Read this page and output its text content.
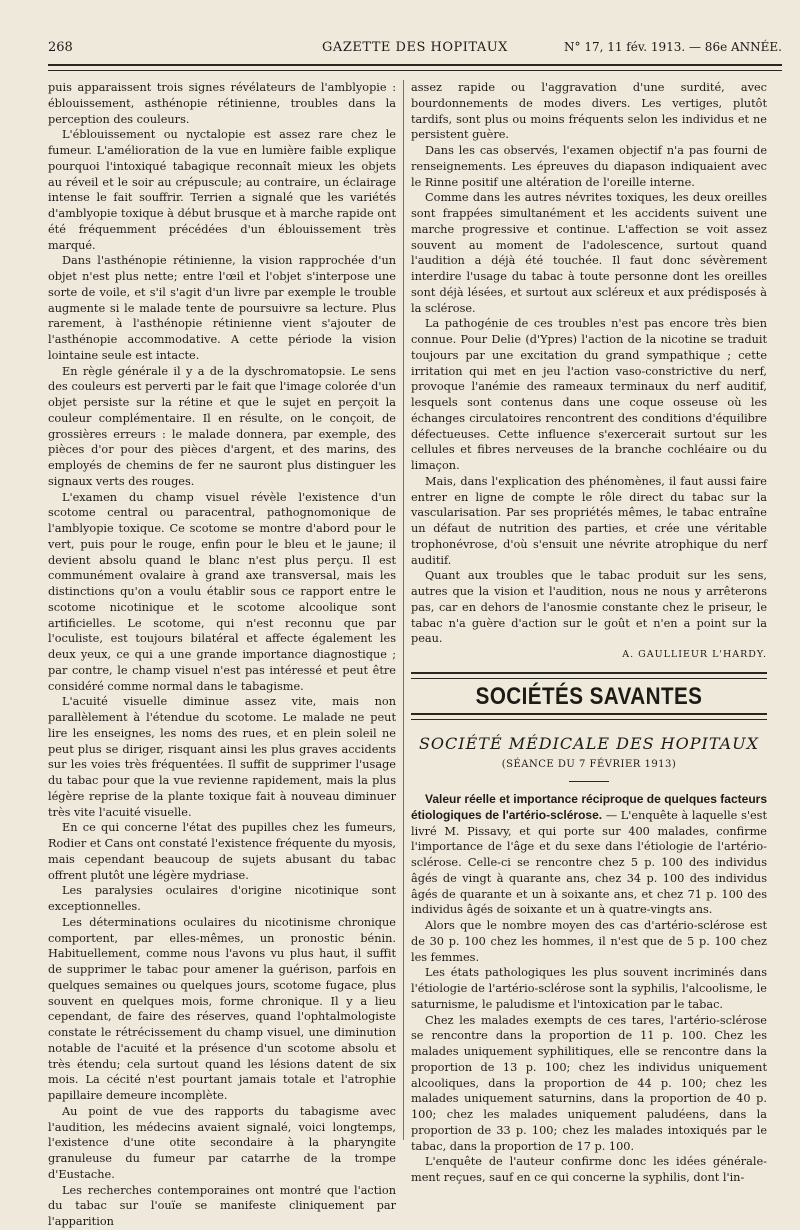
268	GAZETTE DES HOPITAUX	N° 17, 11 fév. 1913. — 86e ANNÉE.

puis apparaissent trois signes révélateurs de l'amblyopie : éblouissement, asthénopie rétinienne, troubles dans la perception des couleurs.

L'éblouissement ou nyctalopie est assez rare chez le fumeur. L'amélioration de la vue en lumière faible explique pourquoi l'intoxiqué tabagique reconnaît mieux les objets au réveil et le soir au crépuscule; au contraire, un éclairage intense le fait souffrir. Terrien a signalé que les variétés d'amblyopie toxique à début brusque et à marche rapide ont été fréquemment précédées d'un éblouissement très marqué.

Dans l'asthénopie rétinienne, la vision rapprochée d'un objet n'est plus nette; entre l'œil et l'objet s'interpose une sorte de voile, et s'il s'agit d'un livre par exemple le trouble augmente si le malade tente de poursuivre sa lecture. Plus rarement, à l'asthénopie rétinienne vient s'ajouter de l'asthénopie accommodative. A cette période la vision lointaine seule est intacte.

En règle générale il y a de la dyschromatopsie. Le sens des couleurs est perverti par le fait que l'image colorée d'un objet persiste sur la rétine et que le sujet en perçoit la couleur complémentaire. Il en résulte, on le conçoit, de grossières erreurs : le malade donnera, par exemple, des pièces d'or pour des pièces d'argent, et des marins, des employés de chemins de fer ne sauront plus distinguer les signaux verts des rouges.

L'examen du champ visuel révèle l'existence d'un scotome central ou paracentral, pathognomonique de l'amblyopie toxique. Ce scotome se montre d'abord pour le vert, puis pour le rouge, enfin pour le bleu et le jaune; il devient absolu quand le blanc n'est plus perçu. Il est communément ovalaire à grand axe transversal, mais les distinctions qu'on a voulu établir sous ce rapport entre le scotome nicotinique et le scotome alcoolique sont artificielles. Le scotome, qui n'est reconnu que par l'oculiste, est toujours bilatéral et affecte également les deux yeux, ce qui a une grande importance diagnostique ; par contre, le champ visuel n'est pas intéressé et peut être considéré comme normal dans le tabagisme.

L'acuité visuelle diminue assez vite, mais non parallèlement à l'étendue du scotome. Le malade ne peut lire les enseignes, les noms des rues, et en plein soleil ne peut plus se diriger, risquant ainsi les plus graves accidents sur les voies très fréquentées. Il suffit de supprimer l'usage du tabac pour que la vue revienne rapidement, mais la plus légère reprise de la plante toxique fait à nouveau diminuer très vite l'acuité visuelle.

En ce qui concerne l'état des pupilles chez les fumeurs, Rodier et Cans ont constaté l'existence fréquente du myosis, mais cependant beaucoup de sujets abusant du tabac offrent plutôt une légère mydriase.

Les paralysies oculaires d'origine nicotinique sont exceptionnelles.

Les déterminations oculaires du nicotinisme chronique comportent, par elles-mêmes, un pronostic bénin. Habituellement, comme nous l'avons vu plus haut, il suffit de supprimer le tabac pour amener la guérison, parfois en quelques semaines ou quelques jours, scotome fugace, plus souvent en quelques mois, forme chronique. Il y a lieu cependant, de faire des réserves, quand l'ophtalmologiste constate le rétrécissement du champ visuel, une diminution notable de l'acuité et la présence d'un scotome absolu et très étendu; cela surtout quand les lésions datent de six mois. La cécité n'est pourtant jamais totale et l'atrophie papillaire demeure incomplète.

Au point de vue des rapports du tabagisme avec l'audition, les médecins avaient signalé, voici longtemps, l'existence d'une otite secondaire à la pharyngite granuleuse du fumeur par catarrhe de la trompe d'Eustache.

Les recherches contemporaines ont montré que l'action du tabac sur l'ouïe se manifeste cliniquement par l'apparition

assez rapide ou l'aggravation d'une surdité, avec bourdonnements de modes divers. Les vertiges, plutôt tardifs, sont plus ou moins fréquents selon les individus et ne persistent guère.

Dans les cas observés, l'examen objectif n'a pas fourni de renseignements. Les épreuves du diapason indiquaient avec le Rinne positif une altération de l'oreille interne.

Comme dans les autres névrites toxiques, les deux oreilles sont frappées simultanément et les accidents suivent une marche progressive et continue. L'affection se voit assez souvent au moment de l'adolescence, surtout quand l'audition a déjà été touchée. Il faut donc sévèrement interdire l'usage du tabac à toute personne dont les oreilles sont déjà lésées, et surtout aux scléreux et aux prédisposés à la sclérose.

La pathogénie de ces troubles n'est pas encore très bien connue. Pour Delie (d'Ypres) l'action de la nicotine se traduit toujours par une excitation du grand sympathique ; cette irritation qui met en jeu l'action vaso-constrictive du nerf, provoque l'anémie des rameaux terminaux du nerf auditif, lesquels sont contenus dans une coque osseuse où les échanges circulatoires rencontrent des conditions d'équilibre défectueuses. Cette influence s'exercerait surtout sur les cellules et fibres nerveuses de la branche cochléaire ou du limaçon.

Mais, dans l'explication des phénomènes, il faut aussi faire entrer en ligne de compte le rôle direct du tabac sur la vascularisation. Par ses propriétés mêmes, le tabac entraîne un défaut de nutrition des parties, et crée une véritable trophonévrose, d'où s'ensuit une névrite atrophique du nerf auditif.

Quant aux troubles que le tabac produit sur les sens, autres que la vision et l'audition, nous ne nous y arrêterons pas, car en dehors de l'anosmie constante chez le priseur, le tabac n'a guère d'action sur le goût et n'en a point sur la peau.

A. GAULLIEUR L'HARDY.

SOCIÉTÉS SAVANTES
SOCIÉTÉ MÉDICALE DES HOPITAUX
(SÉANCE DU 7 FÉVRIER 1913)

Valeur réelle et importance réciproque de quelques facteurs étiologiques de l'artério-sclérose. — L'enquête à laquelle s'est livré M. Pissavy, et qui porte sur 400 malades, confirme l'importance de l'âge et du sexe dans l'étiologie de l'artério-sclérose. Celle-ci se rencontre chez 5 p. 100 des individus âgés de vingt à quarante ans, chez 34 p. 100 des individus âgés de quarante et un à soixante ans, et chez 71 p. 100 des individus âgés de soixante et un à quatre-vingts ans.

Alors que le nombre moyen des cas d'artério-sclérose est de 30 p. 100 chez les hommes, il n'est que de 5 p. 100 chez les femmes.

Les états pathologiques les plus souvent incriminés dans l'étiologie de l'artério-sclérose sont la syphilis, l'alcoolisme, le saturnisme, le paludisme et l'intoxication par le tabac.

Chez les malades exempts de ces tares, l'artério-sclérose se rencontre dans la proportion de 11 p. 100. Chez les malades uniquement syphilitiques, elle se rencontre dans la proportion de 13 p. 100; chez les individus uniquement alcooliques, dans la proportion de 44 p. 100; chez les malades uniquement saturnins, dans la proportion de 40 p. 100; chez les malades uniquement paludéens, dans la proportion de 33 p. 100; chez les malades intoxiqués par le tabac, dans la proportion de 17 p. 100.

L'enquête de l'auteur confirme donc les idées générale-ment reçues, sauf en ce qui concerne la syphilis, dont l'in-
